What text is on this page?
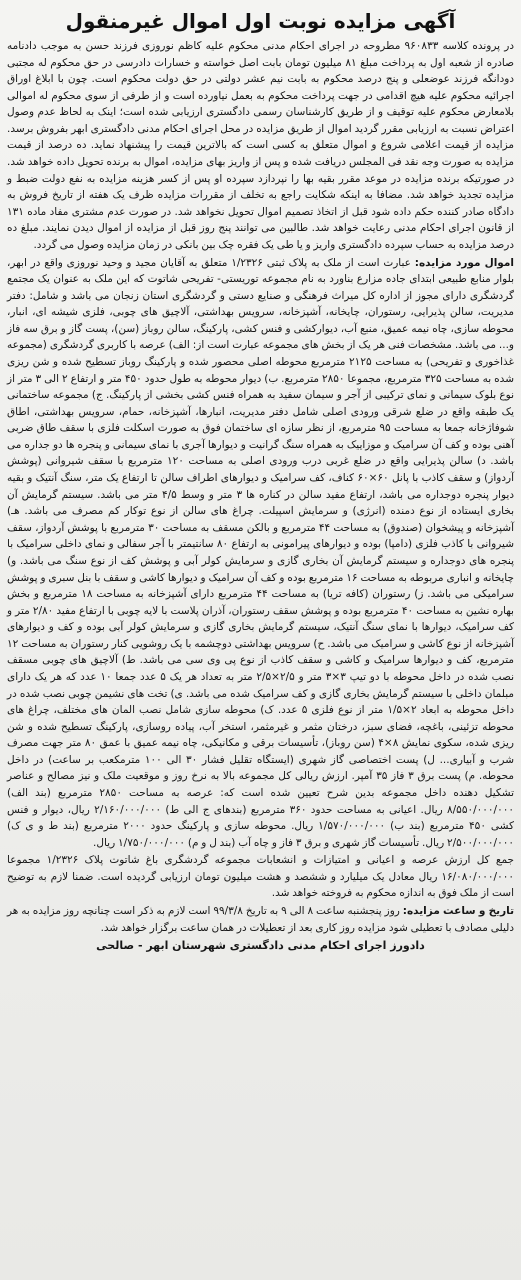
آگهی مزایده نوبت اول اموال غیرمنقول

در پرونده کلاسه ۹۶۰۸۳۳ مطروحه در اجرای احکام مدنی محکوم علیه کاظم نوروزی فرزند حسن به موجب دادنامه صادره از شعبه اول به پرداخت مبلغ ۸۱ میلیون تومان بابت اصل خواسته و خسارات دادرسی در حق محکوم له مجتبی دودانگه فرزند عوضعلی و پنج درصد محکوم به بابت نیم عشر دولتی در حق دولت محکوم است. چون با ابلاغ اوراق اجرائیه محکوم علیه هیچ اقدامی در جهت پرداخت محکوم به بعمل نیاورده است و از طرفی از سوی محکوم له اموالی بلامعارض محکوم علیه توقیف و از طریق کارشناسان رسمی دادگستری ارزیابی شده است؛ اینک به لحاظ عدم وصول اعتراض نسبت به ارزیابی مقرر گردید اموال از طریق مزایده در محل اجرای احکام مدنی دادگستری ابهر بفروش برسد. مزایده از قیمت اعلامی شروع و اموال متعلق به کسی است که بالاترین قیمت را پیشنهاد نماید. ده درصد از قیمت مزایده به صورت وجه نقد فی المجلس دریافت شده و پس از واریز بهای مزایده، اموال به برنده تحویل داده خواهد شد. در صورتیکه برنده مزایده در موعد مقرر بقیه بها را نپردازد سپرده او پس از کسر هزینه مزایده به نفع دولت ضبط و مزایده تجدید خواهد شد. مضافا به اینکه شکایت راجع به تخلف از مقررات مزایده ظرف یک هفته از تاریخ فروش به دادگاه صادر کننده حکم داده شود قبل از اتخاذ تصمیم اموال تحویل نخواهد شد. در صورت عدم مشتری مفاد ماده ۱۳۱ از قانون اجرای احکام مدنی رعایت خواهد شد. طالبین می توانند پنج روز قبل از مزایده از اموال دیدن نمایند. مبلغ ده درصد مزایده به حساب سپرده دادگستری واریز و یا طی یک فقره چک بین بانکی در زمان مزایده وصول می گردد.

اموال مورد مزایده: عبارت است از ملک به پلاک ثبتی ۱/۲۳۲۶ متعلق به آقایان مجید و وحید نوروزی واقع در ابهر، بلوار منابع طبیعی ابتدای جاده مزارع بناورد به نام مجموعه توریستی- تفریحی شاتوت که این ملک به عنوان یک مجتمع گردشگری دارای مجوز از اداره کل میراث فرهنگی و صنایع دستی و گردشگری استان زنجان می باشد و شامل: دفتر مدیریت، سالن پذیرایی، رستوران، چایخانه، آشپزخانه، سرویس بهداشتی، آلاچیق های چوبی، فلزی شیشه ای، انبار، محوطه سازی، چاه نیمه عمیق، منبع آب، دیوارکشی و فنس کشی، پارکینگ، سالن روباز (سن)، پست گاز و برق سه فاز و... می باشد. مشخصات فنی هر یک از بخش های مجموعه عبارت است از: الف) عرصه با کاربری گردشگری (مجموعه غذاخوری و تفریحی) به مساحت ۲۱۲۵ مترمربع محوطه اصلی محصور شده و پارکینگ روباز تسطیح شده و شن ریزی شده به مساحت ۳۲۵ مترمربع، مجموعا ۲۸۵۰ مترمربع. ب) دیوار محوطه به طول حدود ۴۵۰ متر و ارتفاع ۲ الی ۳ متر از نوع بلوک سیمانی و نمای ترکیبی از آجر و سیمان سفید به همراه فنس کشی بخشی از پارکینگ. ج) مجموعه ساختمانی یک طبقه واقع در ضلع شرقی ورودی اصلی شامل دفتر مدیریت، انبارها، آشپزخانه، حمام، سرویس بهداشتی، اطاق شوفاژخانه جمعا به مساحت ۹۵ مترمربع، از نظر سازه ای ساختمان فوق به صورت اسکلت فلزی با سقف طاق ضربی آهنی بوده و کف آن سرامیک و موزاییک به همراه سنگ گرانیت و دیوارها آجری با نمای سیمانی و پنجره ها دو جداره می باشد. د) سالن پذیرایی واقع در ضلع غربی درب ورودی اصلی به مساحت ۱۲۰ مترمربع با سقف شیروانی (پوشش آردواز) و سقف کاذب با پانل ۶۰×۶۰ کناف، کف سرامیک و دیوارهای اطراف سالن تا ارتفاع یک متر، سنگ آنتیک و بقیه دیوار پنجره دوجداره می باشد، ارتفاع مفید سالن در کناره ها ۳ متر و وسط ۴/۵ متر می باشد. سیستم گرمایش آن بخاری ایستاده از نوع دمنده (انرژی) و سرمایش اسپیلت. چراغ های سالن از نوع توکار کم مصرف می باشد. هـ) آشپزخانه و پیشخوان (صندوق) به مساحت ۴۴ مترمربع و بالکن مسقف به مساحت ۳۰ مترمربع با پوشش آردواز، سقف شیروانی با کاذب فلزی (دامپا) بوده و دیوارهای پیرامونی به ارتفاع ۸۰ سانتیمتر با آجر سفالی و نمای داخلی سرامیک با پنجره های دوجداره و سیستم گرمایش آن بخاری گازی و سرمایش کولر آبی و پوشش کف از نوع سنگ می باشد. و) چایخانه و انباری مربوطه به مساحت ۱۶ مترمربع بوده و کف آن سرامیک و دیوارها کاشی و سقف با بنل سبری و پوشش سرامیکی می باشد. ز) رستوران (کافه تریا) به مساحت ۴۴ مترمربع دارای آشپزخانه به مساحت ۱۸ مترمربع و بخش بهاره نشین به مساحت ۴۰ مترمربع بوده و پوشش سقف رستوران، آذران پلاست با لایه چوبی با ارتفاع مفید ۲/۸۰ متر و کف سرامیک، دیوارها با نمای سنگ آنتیک، سیستم گرمایش بخاری گازی و سرمایش کولر آبی بوده و کف و دیوارهای آشپزخانه از نوع کاشی و سرامیک می باشد. ح) سرویس بهداشتی دوچشمه با یک روشویی کنار رستوران به مساحت ۱۲ مترمربع، کف و دیوارها سرامیک و کاشی و سقف کاذب از نوع پی وی سی می باشد. ط) آلاچیق های چوبی مسقف نصب شده در داخل محوطه با دو تیپ ۳×۳ متر و ۲/۵×۲/۵ متر به تعداد هر یک ۵ عدد جمعا ۱۰ عدد که هر یک دارای مبلمان داخلی با سیستم گرمایش بخاری گازی و کف سرامیک شده می باشد. ی) تخت های نشیمن چوبی نصب شده در داخل محوطه به ابعاد ۲×۱/۵ متر از نوع فلزی ۵ عدد. ک) محوطه سازی شامل نصب المان های مختلف، چراغ های محوطه تزئینی، باغچه، فضای سبز، درختان مثمر و غیرمثمر، استخر آب، پیاده روسازی، پارکینگ تسطیح شده و شن ریزی شده، سکوی نمایش ۸×۴ (سن روباز)، تأسیسات برقی و مکانیکی، چاه نیمه عمیق با عمق ۸۰ متر جهت مصرف شرب و آبیاری... ل) پست اختصاصی گاز شهری (ایستگاه تقلیل فشار ۳۰ الی ۱۰۰ مترمکعب بر ساعت) در داخل محوطه. م) پست برق ۳ فاز ۳۵ آمپر. ارزش ریالی کل مجموعه بالا به نرخ روز و موقعیت ملک و نیز مصالح و عناصر تشکیل دهنده داخل مجموعه بدین شرح تعیین شده است که: عرصه به مساحت ۲۸۵۰ مترمربع (بند الف) ۸/۵۵۰/۰۰۰/۰۰۰ ریال. اعیانی به مساحت حدود ۳۶۰ مترمربع (بندهای ج الی ط) ۲/۱۶۰/۰۰۰/۰۰۰ ریال، دیوار و فنس کشی ۴۵۰ مترمربع (بند ب) ۱/۵۷۰/۰۰۰/۰۰۰ ریال. محوطه سازی و پارکینگ حدود ۲۰۰۰ مترمربع (بند ط و ی ک) ۲/۵۰۰/۰۰۰/۰۰۰ ریال. تأسیسات گاز شهری و برق ۳ فاز و چاه آب (بند ل و م) ۱/۷۵۰/۰۰۰/۰۰۰ ریال.

جمع کل ارزش عرصه و اعیانی و امتیازات و انشعابات مجموعه گردشگری باغ شاتوت پلاک ۱/۲۳۲۶ مجموعا ۱۶/۰۸۰/۰۰۰/۰۰۰ ریال معادل یک میلیارد و ششصد و هشت میلیون تومان ارزیابی گردیده است. ضمنا لازم به توضیح است از ملک فوق به اندازه محکوم به فروخته خواهد شد.

تاریخ و ساعت مزایده: روز پنجشنبه ساعت ۸ الی ۹ به تاریخ ۹۹/۳/۸ است لازم به ذکر است چنانچه روز مزایده به هر دلیلی مصادف با تعطیلی شود مزایده روز کاری بعد از تعطیلات در همان ساعت برگزار خواهد شد.

دادورز اجرای احکام مدنی دادگستری شهرستان ابهر - صالحی
